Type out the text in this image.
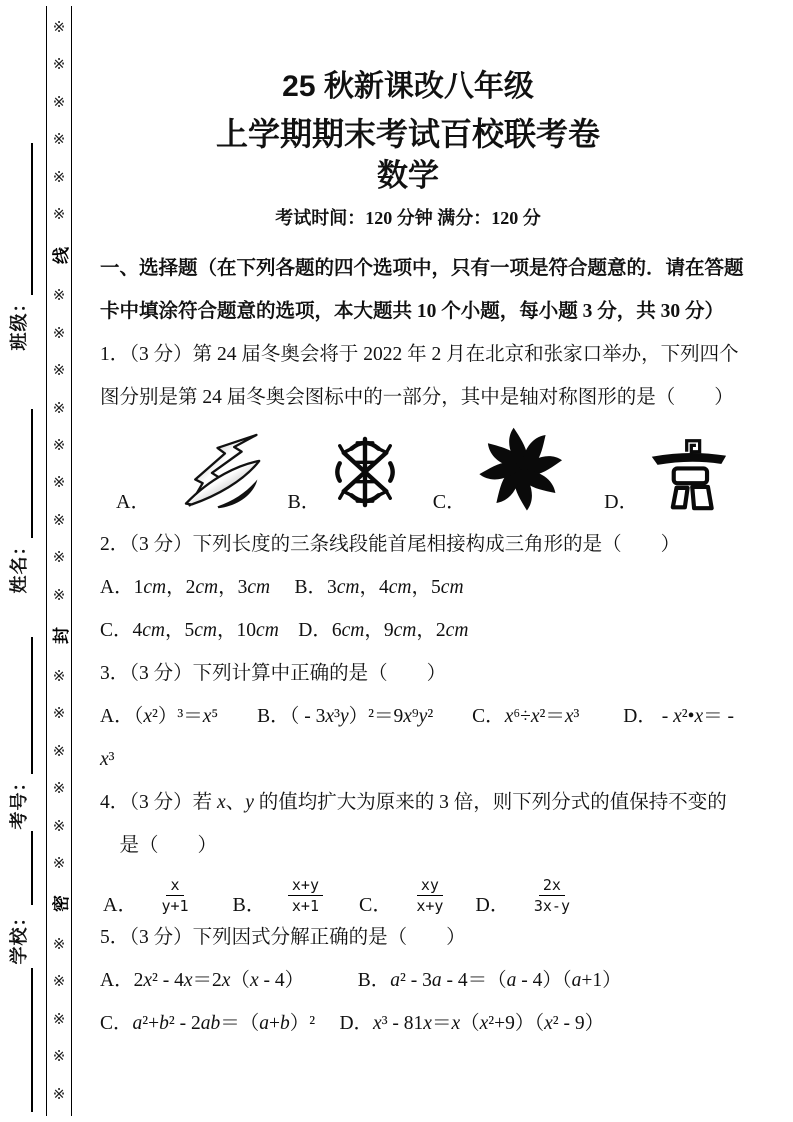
班级：
姓名：
考号：
学校：
※
※
※
※
※
※
线
※
※
※
※
※
※
※
※
※
封
※
※
※
※
※
※
密
※
※
※
※
※
25 秋新课改八年级
上学期期末考试百校联考卷
数学
考试时间：120 分钟 满分：120 分
一、选择题（在下列各题的四个选项中，只有一项是符合题意的．请在答题
卡中填涂符合题意的选项，本大题共 10 个小题，每小题 3 分，共 30 分）
1．（3 分）第 24 届冬奥会将于 2022 年 2 月在北京和张家口举办，下列四个
图分别是第 24 届冬奥会图标中的一部分，其中是轴对称图形的是（　　）
A．	B．	C．	D．
2．（3 分）下列长度的三条线段能首尾相接构成三角形的是（　　）
A．1cm，2cm，3cm　 B．3cm，4cm，5cm
C．4cm，5cm，10cm　D．6cm，9cm，2cm
3．（3 分）下列计算中正确的是（　　）
A．（x²）³＝x⁵　　B．（ - 3x³y）²＝9x⁹y²　　C．x⁶÷x²＝x³　　 D． - x²•x＝ -
x³
4．（3 分）若 x、y 的值均扩大为原来的 3 倍，则下列分式的值保持不变的
　是（　　）
A． $\frac{x}{y+1}$ B． $\frac{x+y}{x+1}$ C． $\frac{xy}{x+y}$ D． $\frac{2x}{3x-y}$
5．（3 分）下列因式分解正确的是（　　）
A．2x² - 4x＝2x（x - 4）　　　 B．a² - 3a - 4＝（a - 4）（a+1）
C．a²+b² - 2ab＝（a+b）²　 D．x³ - 81x＝x（x²+9）（x² - 9）
